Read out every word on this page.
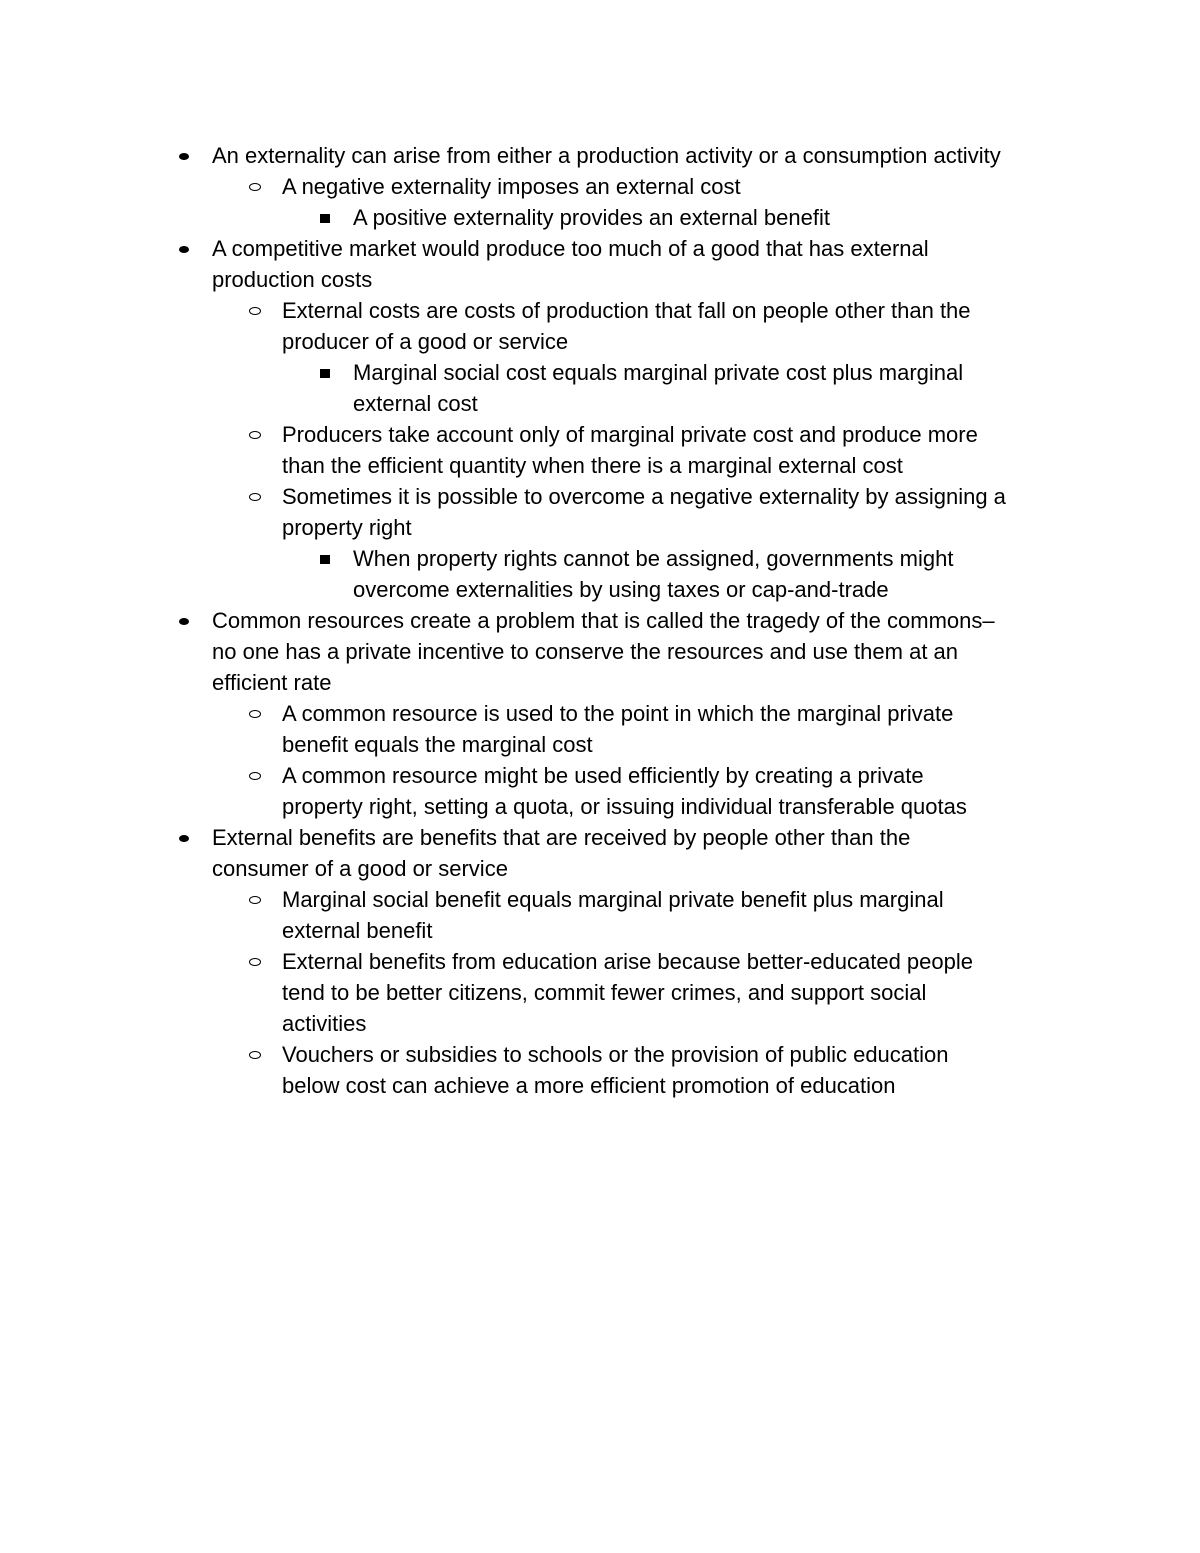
An externality can arise from either a production activity or a consumption activity
A negative externality imposes an external cost
A positive externality provides an external benefit
A competitive market would produce too much of a good that has external
production costs
External costs are costs of production that fall on people other than the
producer of a good or service
Marginal social cost equals marginal private cost plus marginal
external cost
Producers take account only of marginal private cost and produce more
than the efficient quantity when there is a marginal external cost
Sometimes it is possible to overcome a negative externality by assigning a
property right
When property rights cannot be assigned, governments might
overcome externalities by using taxes or cap-and-trade
Common resources create a problem that is called the tragedy of the commons–
no one has a private incentive to conserve the resources and use them at an
efficient rate
A common resource is used to the point in which the marginal private
benefit equals the marginal cost
A common resource might be used efficiently by creating a private
property right, setting a quota, or issuing individual transferable quotas
External benefits are benefits that are received by people other than the
consumer of a good or service
Marginal social benefit equals marginal private benefit plus marginal
external benefit
External benefits from education arise because better-educated people
tend to be better citizens, commit fewer crimes, and support social
activities
Vouchers or subsidies to schools or the provision of public education
below cost can achieve a more efficient promotion of education
